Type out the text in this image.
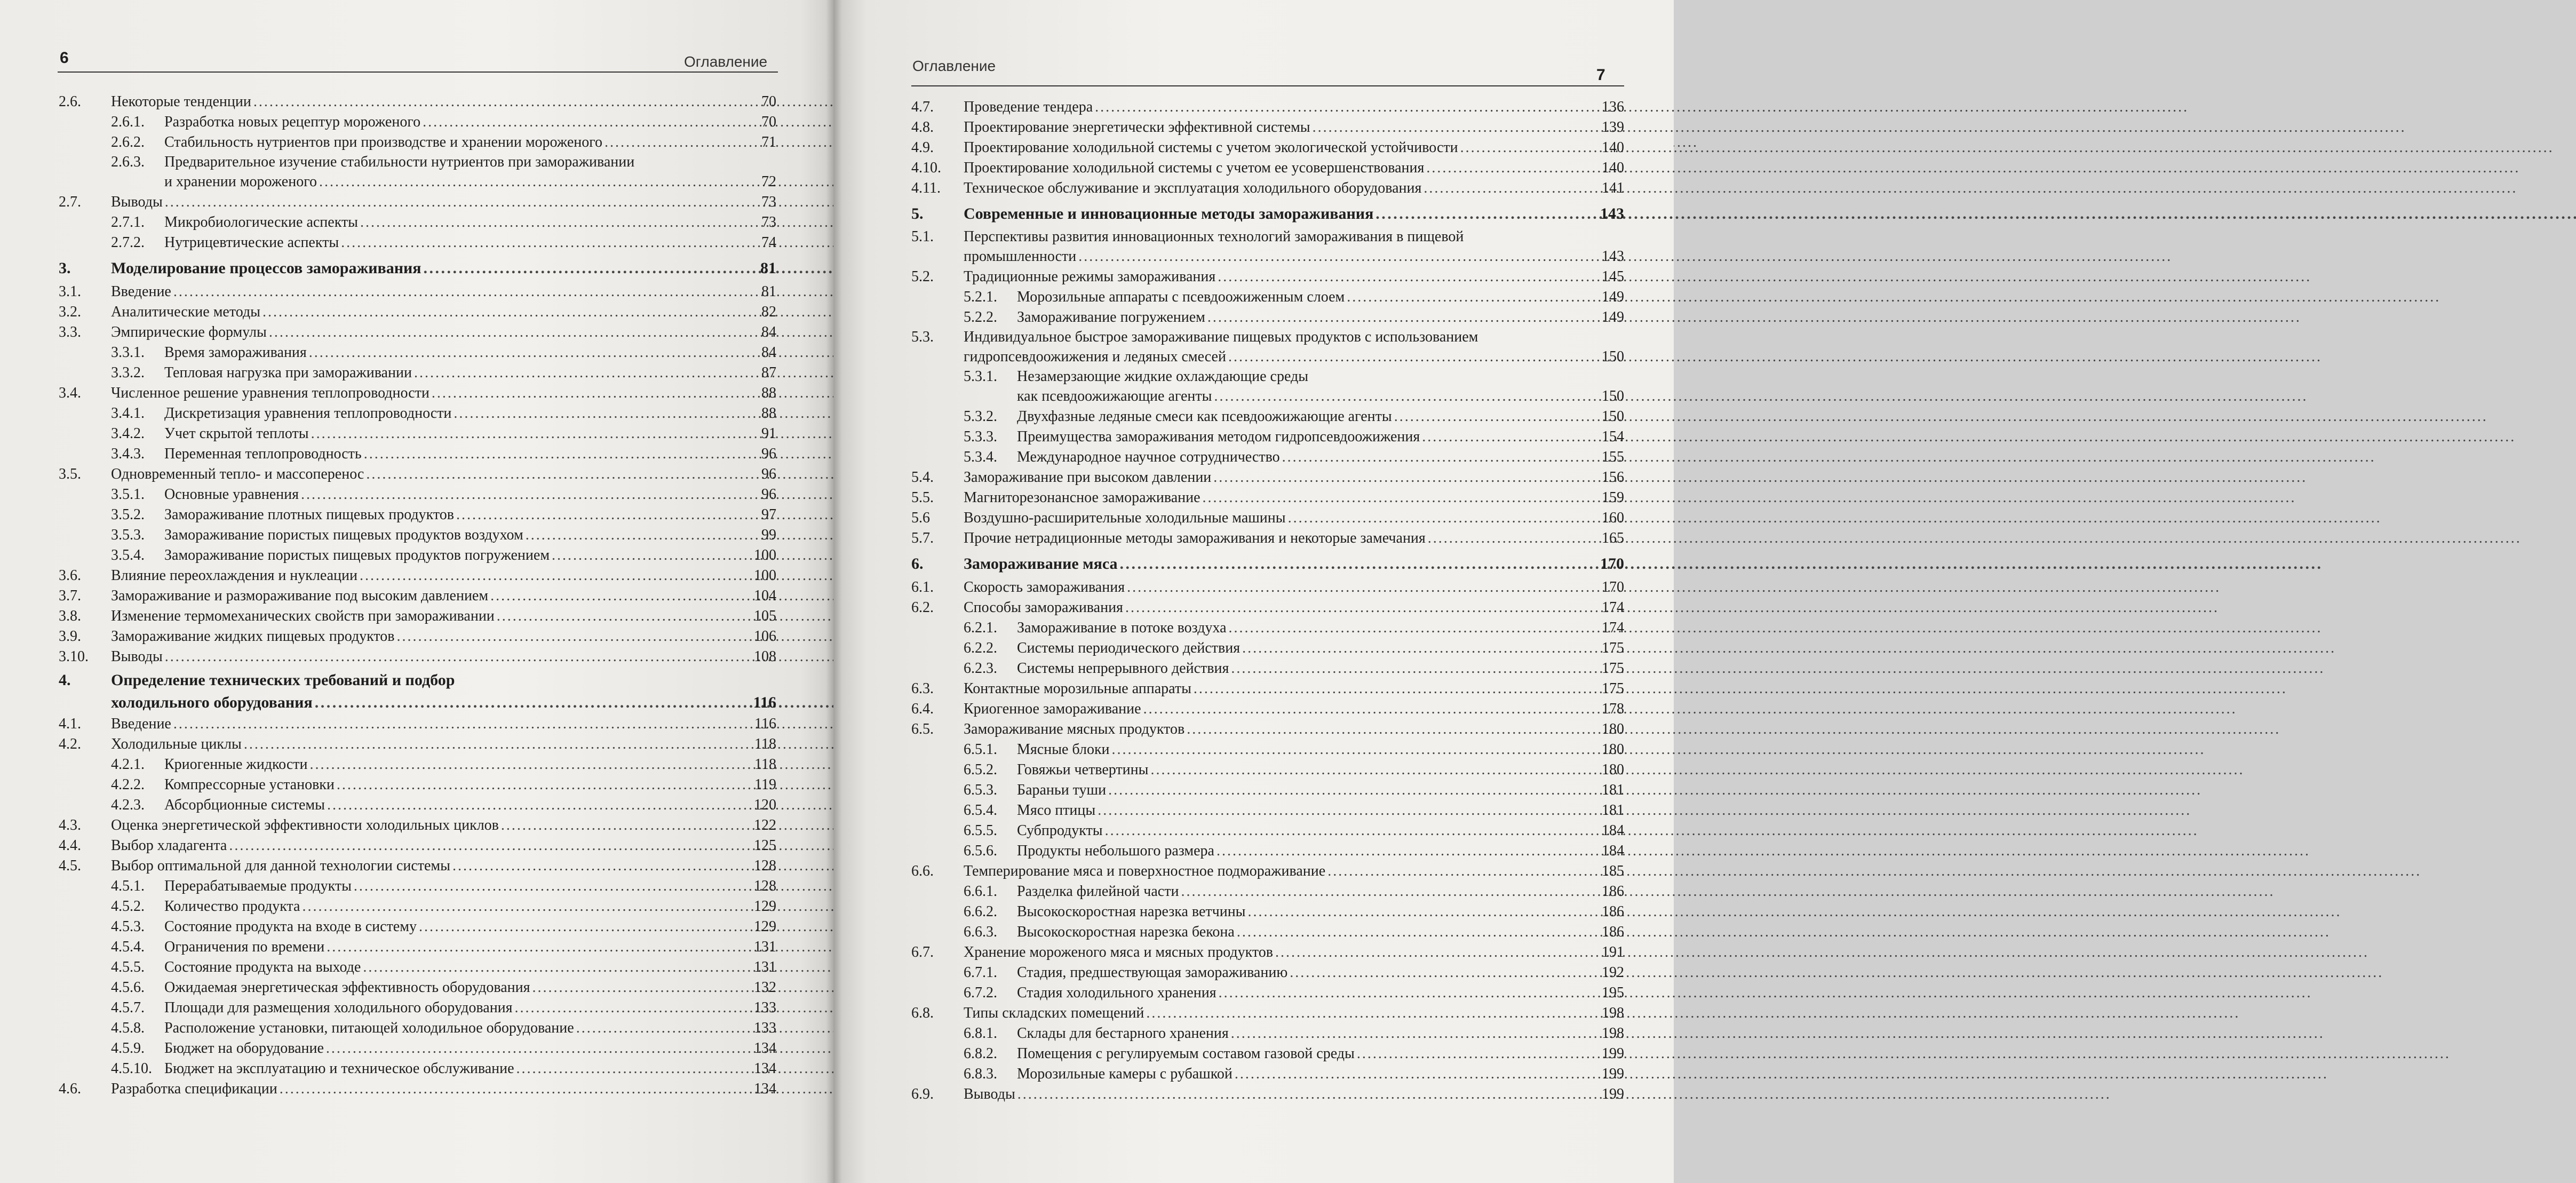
6	Оглавление
2.6.	Некоторые тенденции . . .	70
2.6.1.	Разработка новых рецептур мороженого . . .	70
2.6.2.	Стабильность нутриентов при производстве и хранении мороженого . . .	71
2.6.3.	Предварительное изучение стабильности нутриентов при замораживании
и хранении мороженого . . .	72
2.7.	Выводы . . .	73
2.7.1.	Микробиологические аспекты . . .	73
2.7.2.	Нутрицевтические аспекты . . .	74
3.	Моделирование процессов замораживания . . .	81
3.1.	Введение . . .	81
3.2.	Аналитические методы . . .	82
3.3.	Эмпирические формулы . . .	84
3.3.1.	Время замораживания . . .	84
3.3.2.	Тепловая нагрузка при замораживании . . .	87
3.4.	Численное решение уравнения теплопроводности . . .	88
3.4.1.	Дискретизация уравнения теплопроводности . . .	88
3.4.2.	Учет скрытой теплоты . . .	91
3.4.3.	Переменная теплопроводность . . .	96
3.5.	Одновременный тепло- и массоперенос . . .	96
3.5.1.	Основные уравнения . . .	96
3.5.2.	Замораживание плотных пищевых продуктов . . .	97
3.5.3.	Замораживание пористых пищевых продуктов воздухом . . .	99
3.5.4.	Замораживание пористых пищевых продуктов погружением . . .	100
3.6.	Влияние переохлаждения и нуклеации . . .	100
3.7.	Замораживание и размораживание под высоким давлением . . .	104
3.8.	Изменение термомеханических свойств при замораживании . . .	105
3.9.	Замораживание жидких пищевых продуктов . . .	106
3.10.	Выводы . . .	108
4.	Определение технических требований и подбор
холодильного оборудования . . .	116
4.1.	Введение . . .	116
4.2.	Холодильные циклы . . .	118
4.2.1.	Криогенные жидкости . . .	118
4.2.2.	Компрессорные установки . . .	119
4.2.3.	Абсорбционные системы . . .	120
4.3.	Оценка энергетической эффективности холодильных циклов . . .	122
4.4.	Выбор хладагента . . .	125
4.5.	Выбор оптимальной для данной технологии системы . . .	128
4.5.1.	Перерабатываемые продукты . . .	128
4.5.2.	Количество продукта . . .	129
4.5.3.	Состояние продукта на входе в систему . . .	129
4.5.4.	Ограничения по времени . . .	131
4.5.5.	Состояние продукта на выходе . . .	131
4.5.6.	Ожидаемая энергетическая эффективность оборудования . . .	132
4.5.7.	Площади для размещения холодильного оборудования . . .	133
4.5.8.	Расположение установки, питающей холодильное оборудование . . .	133
4.5.9.	Бюджет на оборудование . . .	134
4.5.10. Бюджет на эксплуатацию и техническое обслуживание . . .	134
4.6.	Разработка спецификации . . .	134
Оглавление
7
4.7.	Проведение тендера . . .	136
4.8.	Проектирование энергетически эффективной системы . . .	139
4.9.	Проектирование холодильной системы с учетом экологической устойчивости . . .	140
4.10.	Проектирование холодильной системы с учетом ее усовершенствования . . .	140
4.11.	Техническое обслуживание и эксплуатация холодильного оборудования . . .	141
5.	Современные и инновационные методы замораживания . . .	143
5.1.	Перспективы развития инновационных технологий замораживания в пищевой
промышленности . . .	143
5.2.	Традиционные режимы замораживания . . .	145
5.2.1.	Морозильные аппараты с псевдоожиженным слоем . . .	149
5.2.2.	Замораживание погружением . . .	149
5.3.	Индивидуальное быстрое замораживание пищевых продуктов с использованием
гидропсевдоожижения и ледяных смесей . . .	150
5.3.1.	Незамерзающие жидкие охлаждающие среды
как псевдоожижающие агенты . . .	150
5.3.2.	Двухфазные ледяные смеси как псевдоожижающие агенты . . .	150
5.3.3.	Преимущества замораживания методом гидропсевдоожижения . . .	154
5.3.4.	Международное научное сотрудничество . . .	155
5.4.	Замораживание при высоком давлении . . .	156
5.5.	Магниторезонансное замораживание . . .	159
5.6	Воздушно-расширительные холодильные машины . . .	160
5.7.	Прочие нетрадиционные методы замораживания и некоторые замечания . . .	165
6.	Замораживание мяса . . .	170
6.1.	Скорость замораживания . . .	170
6.2.	Способы замораживания . . .	174
6.2.1.	Замораживание в потоке воздуха . . .	174
6.2.2.	Системы периодического действия . . .	175
6.2.3.	Системы непрерывного действия . . .	175
6.3.	Контактные морозильные аппараты . . .	175
6.4.	Криогенное замораживание . . .	178
6.5.	Замораживание мясных продуктов . . .	180
6.5.1.	Мясные блоки . . .	180
6.5.2.	Говяжьи четвертины . . .	180
6.5.3.	Бараньи туши . . .	181
6.5.4.	Мясо птицы . . .	181
6.5.5.	Субпродукты . . .	184
6.5.6.	Продукты небольшого размера . . .	184
6.6.	Темперирование мяса и поверхностное подмораживание . . .	185
6.6.1.	Разделка филейной части . . .	186
6.6.2.	Высокоскоростная нарезка ветчины . . .	186
6.6.3.	Высокоскоростная нарезка бекона . . .	186
6.7.	Хранение мороженого мяса и мясных продуктов . . .	191
6.7.1.	Стадия, предшествующая замораживанию . . .	192
6.7.2.	Стадия холодильного хранения . . .	195
6.8.	Типы складских помещений . . .	198
6.8.1.	Склады для бестарного хранения . . .	198
6.8.2.	Помещения с регулируемым составом газовой среды . . .	199
6.8.3.	Морозильные камеры с рубашкой . . .	199
6.9.	Выводы . . .	199
